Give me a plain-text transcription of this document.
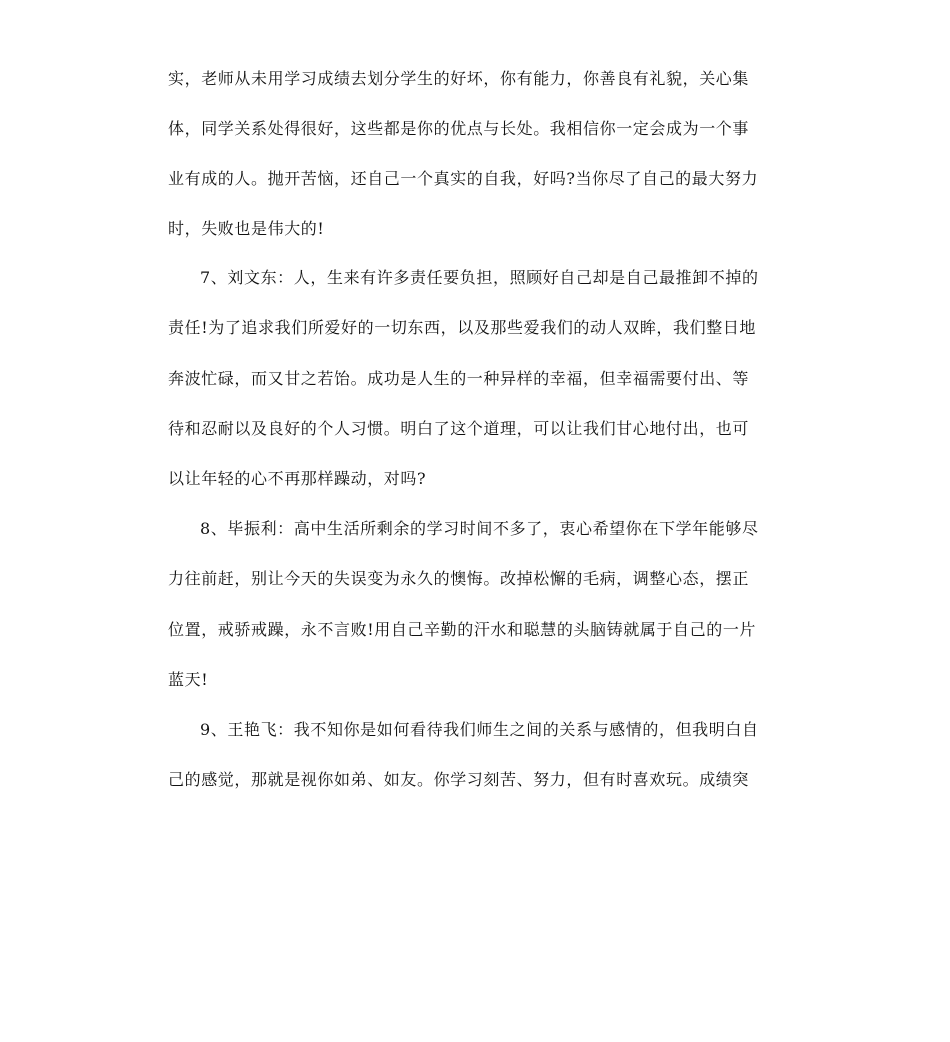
实，老师从未用学习成绩去划分学生的好坏，你有能力，你善良有礼貌，关心集
体，同学关系处得很好，这些都是你的优点与长处。我相信你一定会成为一个事
业有成的人。抛开苦恼，还自己一个真实的自我，好吗?当你尽了自己的最大努力
时，失败也是伟大的!
7、刘文东：人，生来有许多责任要负担，照顾好自己却是自己最推卸不掉的
责任!为了追求我们所爱好的一切东西，以及那些爱我们的动人双眸，我们整日地
奔波忙碌，而又甘之若饴。成功是人生的一种异样的幸福，但幸福需要付出、等
待和忍耐以及良好的个人习惯。明白了这个道理，可以让我们甘心地付出，也可
以让年轻的心不再那样躁动，对吗?
8、毕振利：高中生活所剩余的学习时间不多了，衷心希望你在下学年能够尽
力往前赶，别让今天的失误变为永久的懊悔。改掉松懈的毛病，调整心态，摆正
位置，戒骄戒躁，永不言败!用自己辛勤的汗水和聪慧的头脑铸就属于自己的一片
蓝天!
9、王艳飞：我不知你是如何看待我们师生之间的关系与感情的，但我明白自
己的感觉，那就是视你如弟、如友。你学习刻苦、努力，但有时喜欢玩。成绩突
